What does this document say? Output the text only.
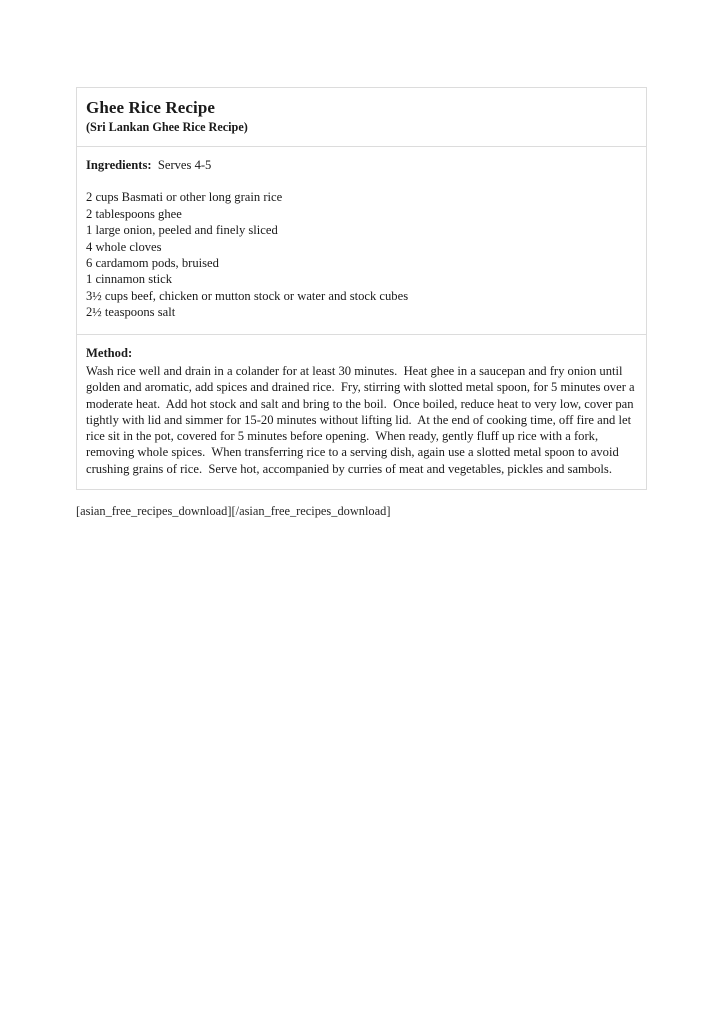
Ghee Rice Recipe
(Sri Lankan Ghee Rice Recipe)

Ingredients: Serves 4-5

2 cups Basmati or other long grain rice
2 tablespoons ghee
1 large onion, peeled and finely sliced
4 whole cloves
6 cardamom pods, bruised
1 cinnamon stick
3½ cups beef, chicken or mutton stock or water and stock cubes
2½ teaspoons salt
Method:

Wash rice well and drain in a colander for at least 30 minutes.  Heat ghee in a saucepan and fry onion until golden and aromatic, add spices and drained rice.  Fry, stirring with slotted metal spoon, for 5 minutes over a moderate heat.  Add hot stock and salt and bring to the boil.  Once boiled, reduce heat to very low, cover pan tightly with lid and simmer for 15-20 minutes without lifting lid.  At the end of cooking time, off fire and let rice sit in the pot, covered for 5 minutes before opening.  When ready, gently fluff up rice with a fork, removing whole spices.  When transferring rice to a serving dish, again use a slotted metal spoon to avoid crushing grains of rice.  Serve hot, accompanied by curries of meat and vegetables, pickles and sambols.

[asian_free_recipes_download][/asian_free_recipes_download]
